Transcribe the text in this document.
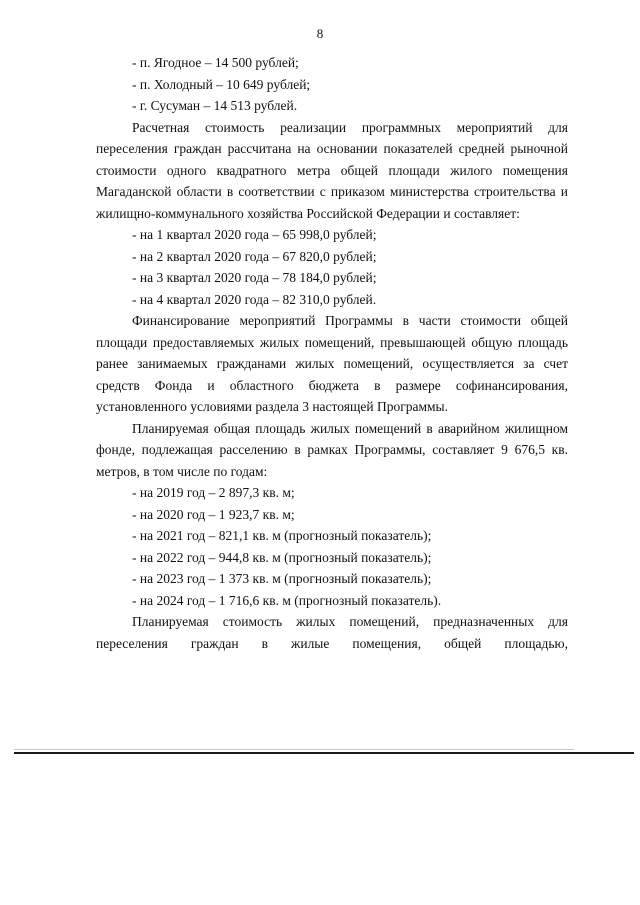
8
- п. Ягодное – 14 500 рублей;
- п. Холодный – 10 649 рублей;
- г. Сусуман – 14 513 рублей.
Расчетная стоимость реализации программных мероприятий для переселения граждан рассчитана на основании показателей средней рыночной стоимости одного квадратного метра общей площади жилого помещения Магаданской области в соответствии с приказом министерства строительства и жилищно-коммунального хозяйства Российской Федерации и составляет:
- на 1 квартал 2020 года – 65 998,0 рублей;
- на 2 квартал 2020 года – 67 820,0 рублей;
- на 3 квартал 2020 года – 78 184,0 рублей;
- на 4 квартал 2020 года – 82 310,0 рублей.
Финансирование мероприятий Программы в части стоимости общей площади предоставляемых жилых помещений, превышающей общую площадь ранее занимаемых гражданами жилых помещений, осуществляется за счет средств Фонда и областного бюджета в размере софинансирования, установленного условиями раздела 3 настоящей Программы.
Планируемая общая площадь жилых помещений в аварийном жилищном фонде, подлежащая расселению в рамках Программы, составляет 9 676,5 кв. метров, в том числе по годам:
- на 2019 год – 2 897,3 кв. м;
- на 2020 год – 1 923,7 кв. м;
- на 2021 год – 821,1 кв. м (прогнозный показатель);
- на 2022 год – 944,8 кв. м (прогнозный показатель);
- на 2023 год – 1 373 кв. м (прогнозный показатель);
- на 2024 год – 1 716,6 кв. м (прогнозный показатель).
Планируемая стоимость жилых помещений, предназначенных для переселения граждан в жилые помещения, общей площадью,
